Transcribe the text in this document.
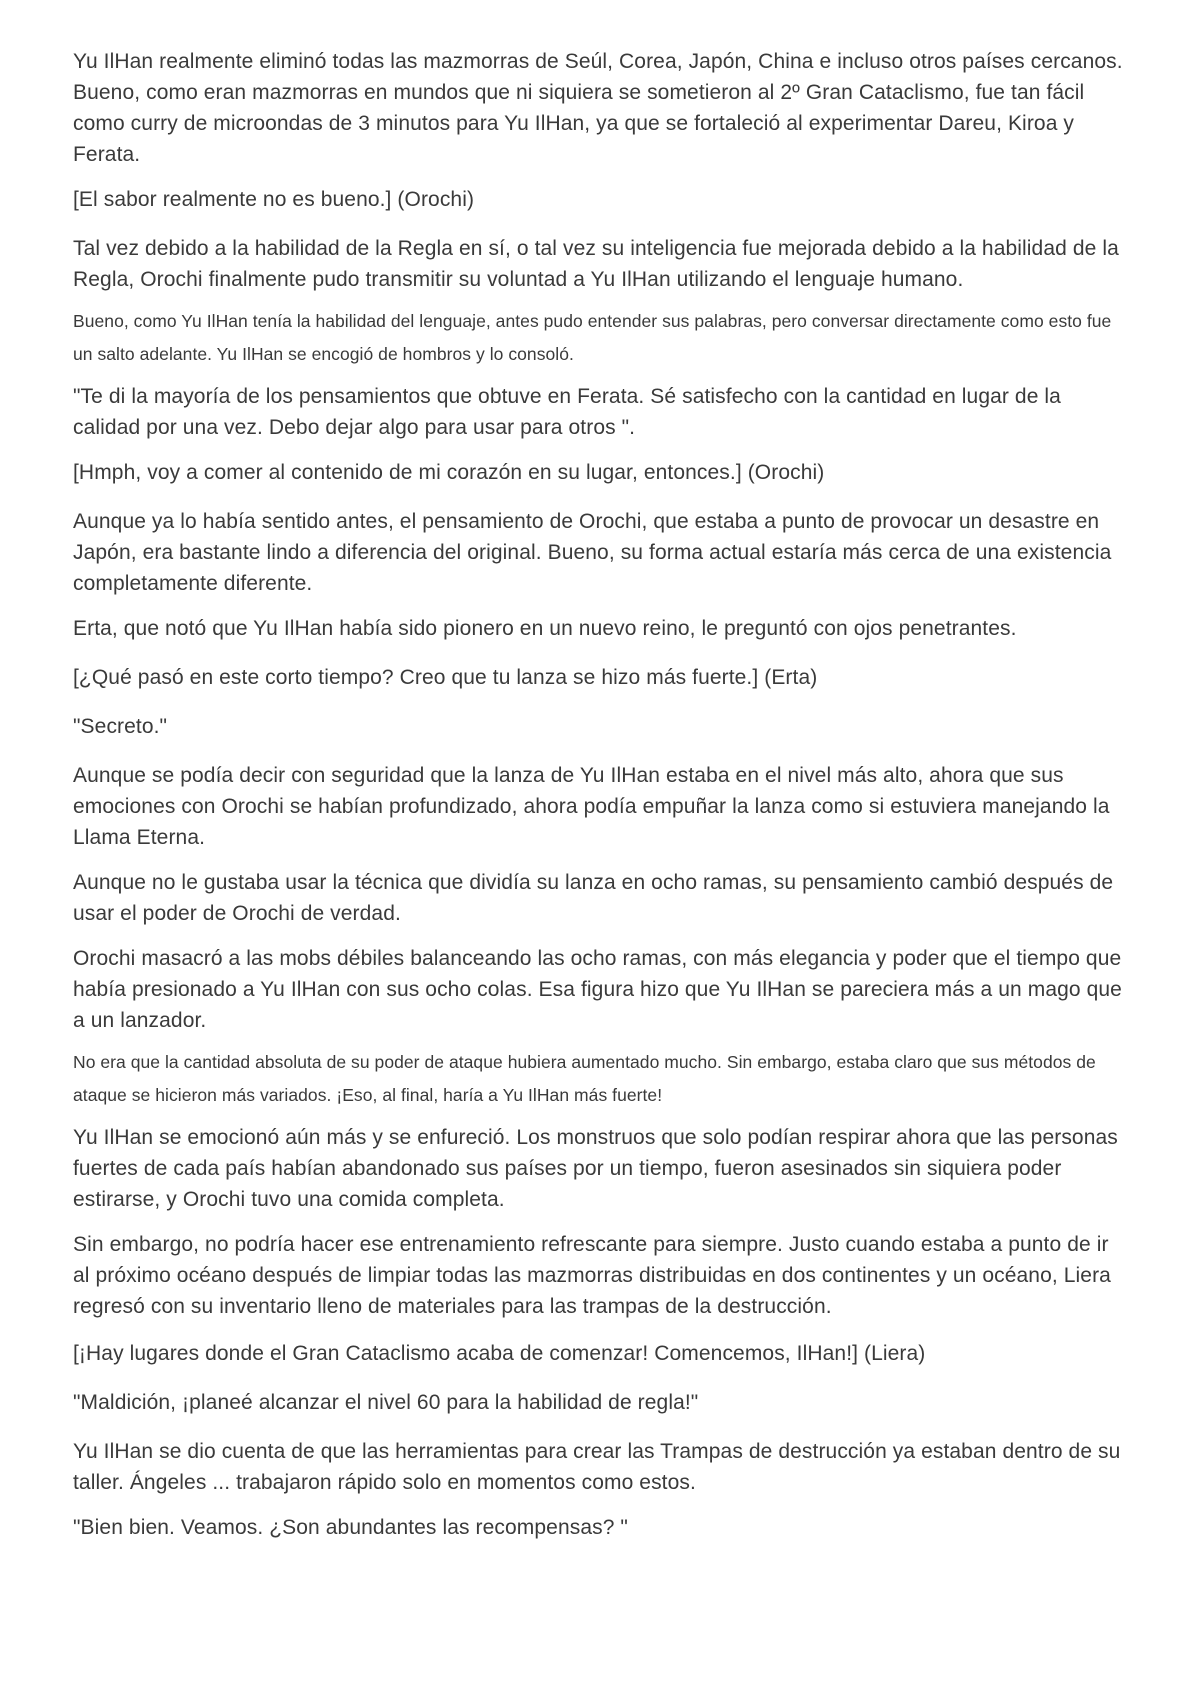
Yu IlHan realmente eliminó todas las mazmorras de Seúl, Corea, Japón, China e incluso otros países cercanos. Bueno, como eran mazmorras en mundos que ni siquiera se sometieron al 2º Gran Cataclismo, fue tan fácil como curry de microondas de 3 minutos para Yu IlHan, ya que se fortaleció al experimentar Dareu, Kiroa y Ferata.

[El sabor realmente no es bueno.] (Orochi)

Tal vez debido a la habilidad de la Regla en sí, o tal vez su inteligencia fue mejorada debido a la habilidad de la Regla, Orochi finalmente pudo transmitir su voluntad a Yu IlHan utilizando el lenguaje humano.

Bueno, como Yu IlHan tenía la habilidad del lenguaje, antes pudo entender sus palabras, pero conversar directamente como esto fue un salto adelante. Yu IlHan se encogió de hombros y lo consoló.

"Te di la mayoría de los pensamientos que obtuve en Ferata. Sé satisfecho con la cantidad en lugar de la calidad por una vez. Debo dejar algo para usar para otros ".

[Hmph, voy a comer al contenido de mi corazón en su lugar, entonces.] (Orochi)

Aunque ya lo había sentido antes, el pensamiento de Orochi, que estaba a punto de provocar un desastre en Japón, era bastante lindo a diferencia del original. Bueno, su forma actual estaría más cerca de una existencia completamente diferente.

Erta, que notó que Yu IlHan había sido pionero en un nuevo reino, le preguntó con ojos penetrantes.

[¿Qué pasó en este corto tiempo? Creo que tu lanza se hizo más fuerte.] (Erta)

"Secreto."

Aunque se podía decir con seguridad que la lanza de Yu IlHan estaba en el nivel más alto, ahora que sus emociones con Orochi se habían profundizado, ahora podía empuñar la lanza como si estuviera manejando la Llama Eterna.

Aunque no le gustaba usar la técnica que dividía su lanza en ocho ramas, su pensamiento cambió después de usar el poder de Orochi de verdad.

Orochi masacró a las mobs débiles balanceando las ocho ramas, con más elegancia y poder que el tiempo que había presionado a Yu IlHan con sus ocho colas. Esa figura hizo que Yu IlHan se pareciera más a un mago que a un lanzador.

No era que la cantidad absoluta de su poder de ataque hubiera aumentado mucho. Sin embargo, estaba claro que sus métodos de ataque se hicieron más variados. ¡Eso, al final, haría a Yu IlHan más fuerte!

Yu IlHan se emocionó aún más y se enfureció. Los monstruos que solo podían respirar ahora que las personas fuertes de cada país habían abandonado sus países por un tiempo, fueron asesinados sin siquiera poder estirarse, y Orochi tuvo una comida completa.

Sin embargo, no podría hacer ese entrenamiento refrescante para siempre. Justo cuando estaba a punto de ir al próximo océano después de limpiar todas las mazmorras distribuidas en dos continentes y un océano, Liera regresó con su inventario lleno de materiales para las trampas de la destrucción.

[¡Hay lugares donde el Gran Cataclismo acaba de comenzar! Comencemos, IlHan!] (Liera)

"Maldición, ¡planeé alcanzar el nivel 60 para la habilidad de regla!"

Yu IlHan se dio cuenta de que las herramientas para crear las Trampas de destrucción ya estaban dentro de su taller. Ángeles ... trabajaron rápido solo en momentos como estos.

"Bien bien. Veamos. ¿Son abundantes las recompensas? "
